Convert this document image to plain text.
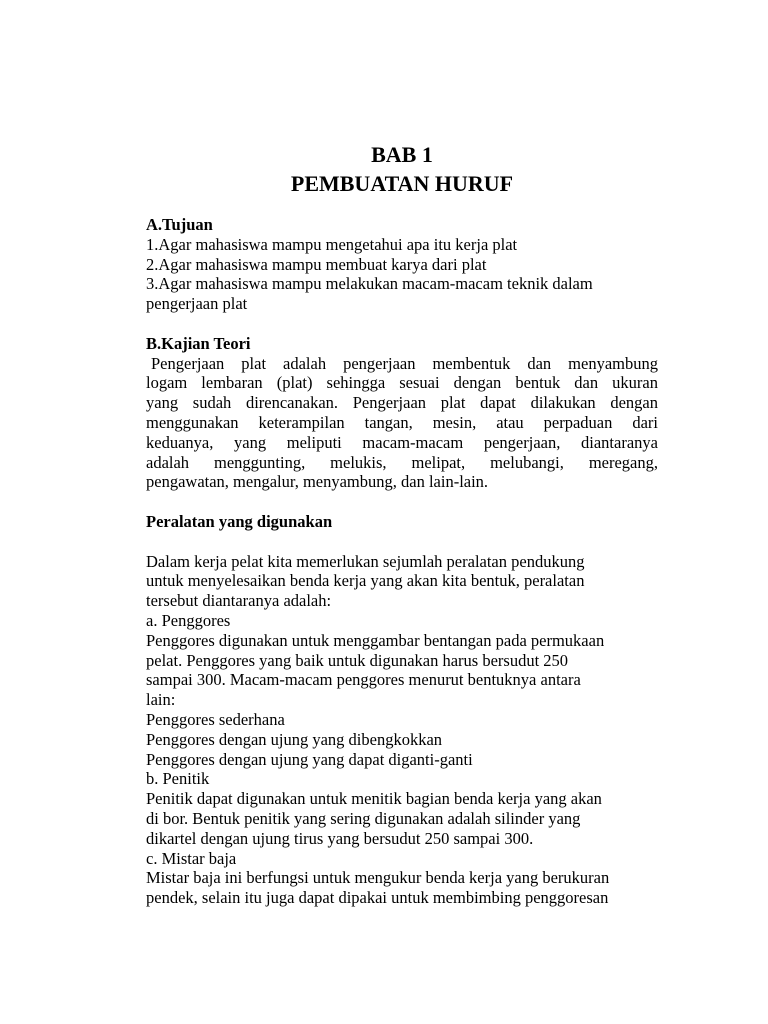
BAB 1

PEMBUATAN HURUF

A.Tujuan

1.Agar mahasiswa mampu mengetahui apa itu kerja plat

2.Agar mahasiswa mampu membuat karya dari plat

3.Agar mahasiswa mampu melakukan macam-macam teknik dalam

pengerjaan plat

B.Kajian Teori

Pengerjaan plat adalah pengerjaan membentuk dan menyambung

logam lembaran (plat) sehingga sesuai dengan bentuk dan ukuran

yang sudah direncanakan. Pengerjaan plat dapat dilakukan dengan

menggunakan keterampilan tangan, mesin, atau perpaduan dari

keduanya, yang meliputi macam-macam pengerjaan, diantaranya

adalah menggunting, melukis, melipat, melubangi, meregang,

pengawatan, mengalur, menyambung, dan lain-lain.

Peralatan yang digunakan

Dalam kerja pelat kita memerlukan sejumlah peralatan pendukung

untuk menyelesaikan benda kerja yang akan kita bentuk, peralatan

tersebut diantaranya adalah:

a. Penggores

Penggores digunakan untuk menggambar bentangan pada permukaan

pelat. Penggores yang baik untuk digunakan harus bersudut 250

sampai 300. Macam-macam penggores menurut bentuknya antara

lain:

Penggores sederhana

Penggores dengan ujung yang dibengkokkan

Penggores dengan ujung yang dapat diganti-ganti

b. Penitik

Penitik dapat digunakan untuk menitik bagian benda kerja yang akan

di bor. Bentuk penitik yang sering digunakan adalah silinder yang

dikartel dengan ujung tirus yang bersudut 250 sampai 300.

c. Mistar baja

Mistar baja ini berfungsi untuk mengukur benda kerja yang berukuran

pendek, selain itu juga dapat dipakai untuk membimbing penggoresan
